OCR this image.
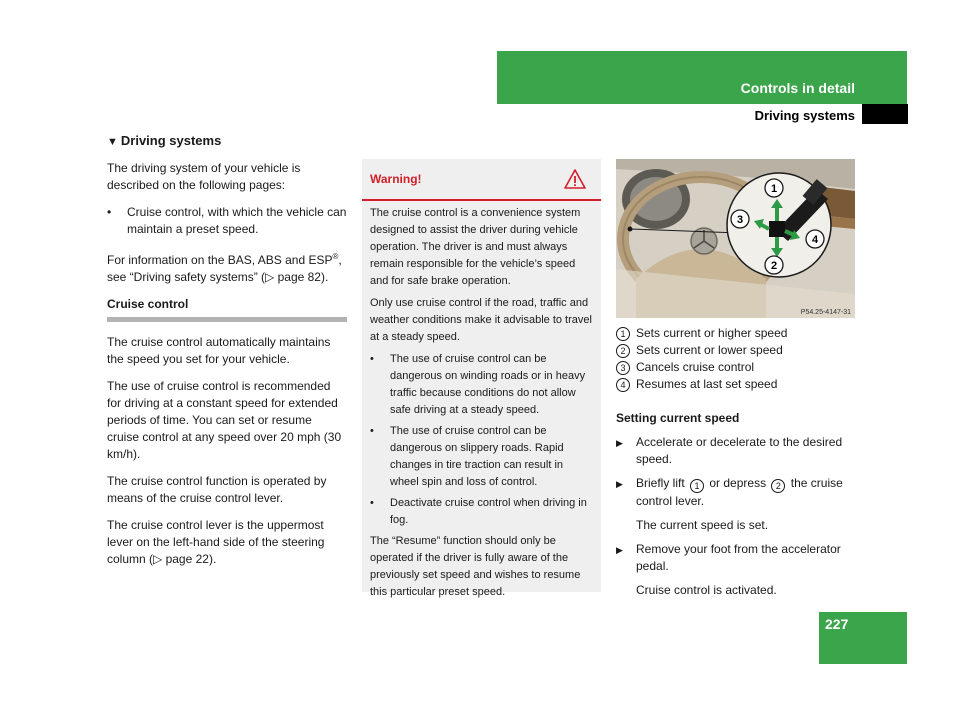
Controls in detail
Driving systems
▼ Driving systems

The driving system of your vehicle is described on the following pages:

•	Cruise control, with which the vehicle can maintain a preset speed.

For information on the BAS, ABS and ESP®, see “Driving safety systems” (▷ page 82).

Cruise control

The cruise control automatically maintains the speed you set for your vehicle.

The use of cruise control is recommended for driving at a constant speed for extended periods of time. You can set or resume cruise control at any speed over 20 mph (30 km/h).

The cruise control function is operated by means of the cruise control lever.

The cruise control lever is the uppermost lever on the left-hand side of the steering column (▷ page 22).

Warning!

The cruise control is a convenience system designed to assist the driver during vehicle operation. The driver is and must always remain responsible for the vehicle’s speed and for safe brake operation.

Only use cruise control if the road, traffic and weather conditions make it advisable to travel at a steady speed.

•	The use of cruise control can be dangerous on winding roads or in heavy traffic because conditions do not allow safe driving at a steady speed.
•	The use of cruise control can be dangerous on slippery roads. Rapid changes in tire traction can result in wheel spin and loss of control.
•	Deactivate cruise control when driving in fog.

The “Resume” function should only be operated if the driver is fully aware of the previously set speed and wishes to resume this particular preset speed.

1
3
4
2
P54.25-4147-31
1 Sets current or higher speed
2 Sets current or lower speed
3 Cancels cruise control
4 Resumes at last set speed
Setting current speed
▶	Accelerate or decelerate to the desired speed.
▶	Briefly lift 1 or depress 2 the cruise control lever.
The current speed is set.
▶	Remove your foot from the accelerator pedal.
Cruise control is activated.
227
